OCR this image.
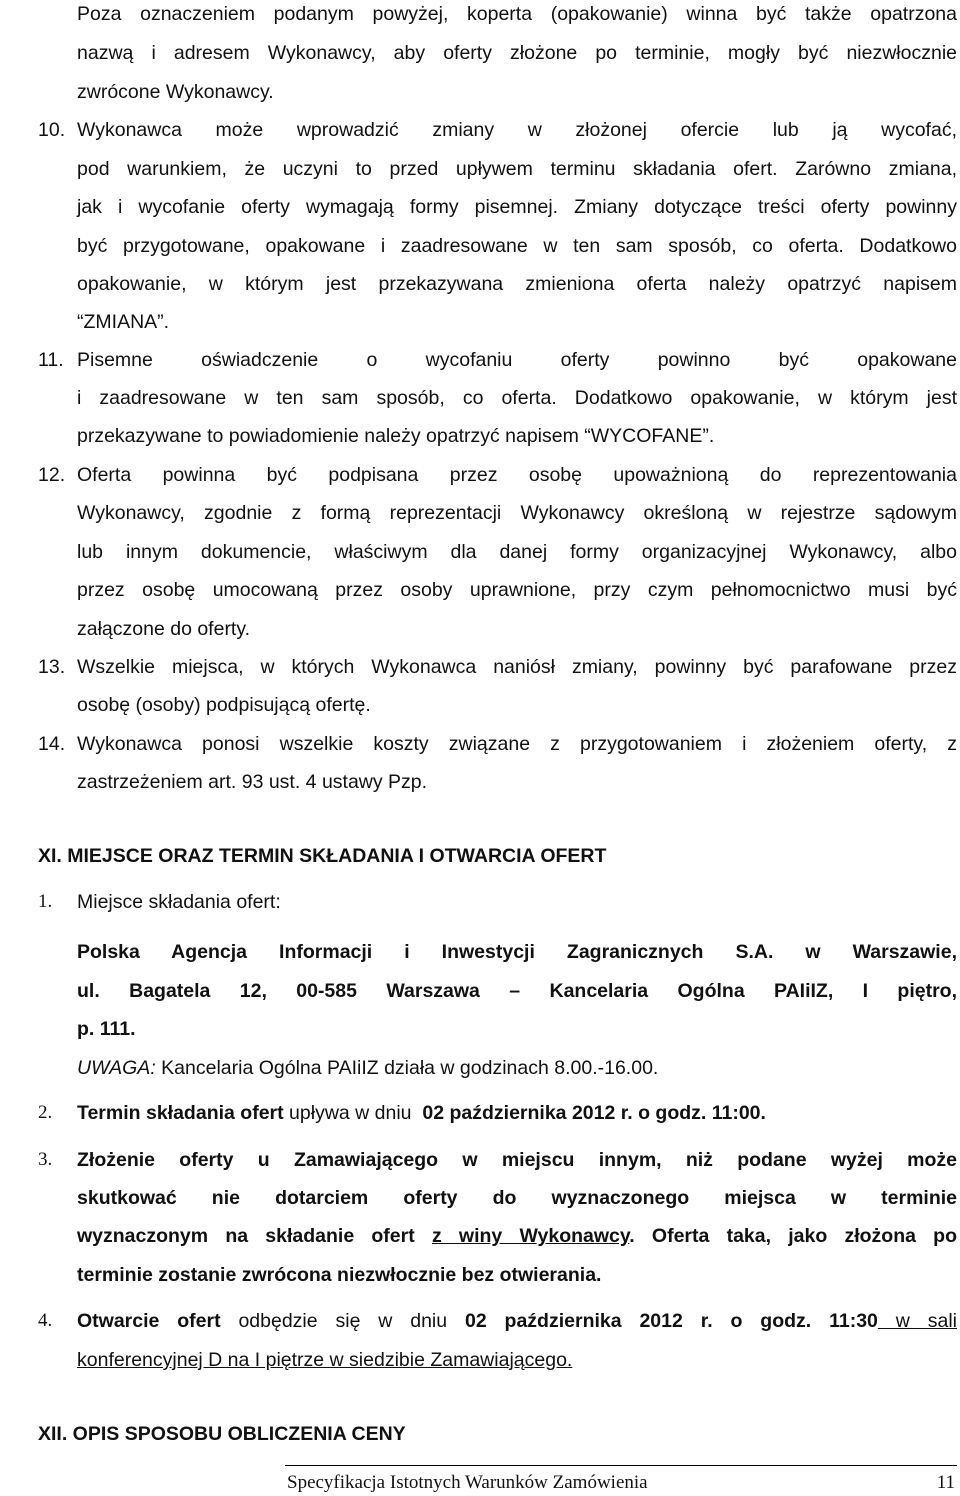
Poza oznaczeniem podanym powyżej, koperta (opakowanie) winna być także opatrzona
nazwą i adresem Wykonawcy, aby oferty złożone po terminie, mogły być niezwłocznie
zwrócone Wykonawcy.
10. Wykonawca może wprowadzić zmiany w złożonej ofercie lub ją wycofać,
pod warunkiem, że uczyni to przed upływem terminu składania ofert. Zarówno zmiana,
jak i wycofanie oferty wymagają formy pisemnej. Zmiany dotyczące treści oferty powinny
być przygotowane, opakowane i zaadresowane w ten sam sposób, co oferta. Dodatkowo
opakowanie, w którym jest przekazywana zmieniona oferta należy opatrzyć napisem
“ZMIANA”.
11. Pisemne oświadczenie o wycofaniu oferty powinno być opakowane
i zaadresowane w ten sam sposób, co oferta. Dodatkowo opakowanie, w którym jest
przekazywane to powiadomienie należy opatrzyć napisem “WYCOFANE”.
12. Oferta powinna być podpisana przez osobę upoważnioną do reprezentowania
Wykonawcy, zgodnie z formą reprezentacji Wykonawcy określoną w rejestrze sądowym
lub innym dokumencie, właściwym dla danej formy organizacyjnej Wykonawcy, albo
przez osobę umocowaną przez osoby uprawnione, przy czym pełnomocnictwo musi być
załączone do oferty.
13. Wszelkie miejsca, w których Wykonawca naniósł zmiany, powinny być parafowane przez
osobę (osoby) podpisującą ofertę.
14. Wykonawca ponosi wszelkie koszty związane z przygotowaniem i złożeniem oferty, z
zastrzeżeniem art. 93 ust. 4 ustawy Pzp.
XI. MIEJSCE ORAZ TERMIN SKŁADANIA I OTWARCIA OFERT
1. Miejsce składania ofert:
Polska Agencja Informacji i Inwestycji Zagranicznych S.A. w Warszawie,
ul. Bagatela 12, 00-585 Warszawa – Kancelaria Ogólna PAIiIZ, I piętro,
p. 111.
UWAGA: Kancelaria Ogólna PAIiIZ działa w godzinach 8.00.-16.00.
2. Termin składania ofert upływa w dniu  02 października 2012 r. o godz. 11:00.
3. Złożenie oferty u Zamawiającego w miejscu innym, niż podane wyżej może
skutkować nie dotarciem oferty do wyznaczonego miejsca w terminie
wyznaczonym na składanie ofert z winy Wykonawcy. Oferta taka, jako złożona po
terminie zostanie zwrócona niezwłocznie bez otwierania.
4. Otwarcie ofert odbędzie się w dniu 02 października 2012 r. o godz. 11:30 w sali
konferencyjnej D na I piętrze w siedzibie Zamawiającego.
XII. OPIS SPOSOBU OBLICZENIA CENY
Specyfikacja Istotnych Warunków Zamówienia	11
